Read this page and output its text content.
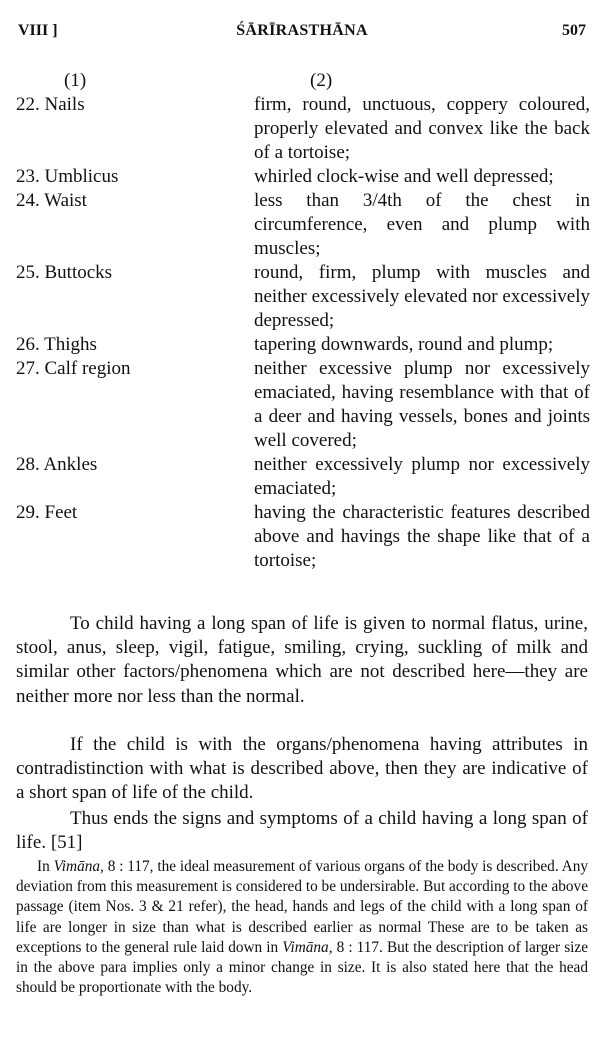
VIII ]	ŚĀRĪRASTHĀNA	507
(1)	(2)
22. Nails	firm, round, unctuous, coppery coloured, properly elevated and convex like the back of a tortoise;
23. Umblicus	whirled clock-wise and well depressed;
24. Waist	less than 3/4th of the chest in circumference, even and plump with muscles;
25. Buttocks	round, firm, plump with muscles and neither excessively elevated nor excessively depressed;
26. Thighs	tapering downwards, round and plump;
27. Calf region	neither excessive plump nor excessively emaciated, having resemblance with that of a deer and having vessels, bones and joints well covered;
28. Ankles	neither excessively plump nor excessively emaciated;
29. Feet	having the characteristic features described above and havings the shape like that of a tortoise;

To child having a long span of life is given to normal flatus, urine, stool, anus, sleep, vigil, fatigue, smiling, crying, suckling of milk and similar other factors/phenomena which are not described here—they are neither more nor less than the normal.

If the child is with the organs/phenomena having attributes in contradistinction with what is described above, then they are indicative of a short span of life of the child.

Thus ends the signs and symptoms of a child having a long span of life. [51]

In Vimāna, 8 : 117, the ideal measurement of various organs of the body is described. Any deviation from this measurement is considered to be undersirable. But according to the above passage (item Nos. 3 & 21 refer), the head, hands and legs of the child with a long span of life are longer in size than what is described earlier as normal These are to be taken as exceptions to the general rule laid down in Vimāna, 8 : 117. But the description of larger size in the above para implies only a minor change in size. It is also stated here that the head should be proportionate with the body.
